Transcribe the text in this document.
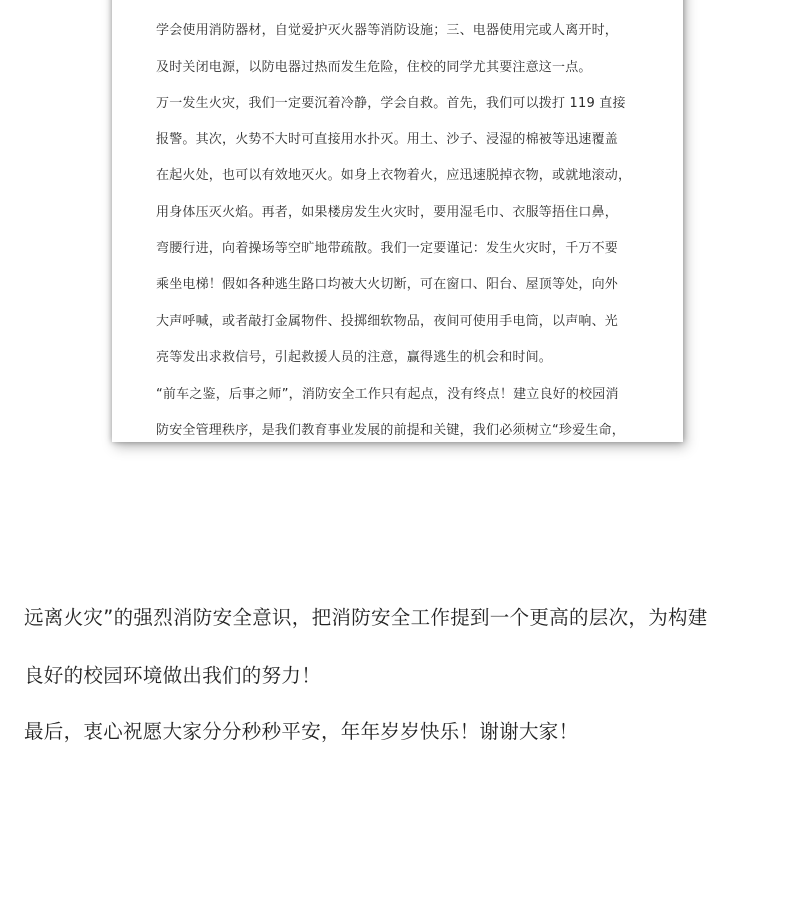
学会使用消防器材，自觉爱护灭火器等消防设施；三、电器使用完或人离开时，
及时关闭电源，以防电器过热而发生危险，住校的同学尤其要注意这一点。
万一发生火灾，我们一定要沉着冷静，学会自救。首先，我们可以拨打 119 直接
报警。其次，火势不大时可直接用水扑灭。用土、沙子、浸湿的棉被等迅速覆盖
在起火处，也可以有效地灭火。如身上衣物着火，应迅速脱掉衣物，或就地滚动，
用身体压灭火焰。再者，如果楼房发生火灾时，要用湿毛巾、衣服等捂住口鼻，
弯腰行进，向着操场等空旷地带疏散。我们一定要谨记：发生火灾时，千万不要
乘坐电梯！假如各种逃生路口均被大火切断，可在窗口、阳台、屋顶等处，向外
大声呼喊，或者敲打金属物件、投掷细软物品，夜间可使用手电筒，以声响、光
亮等发出求救信号，引起救援人员的注意，赢得逃生的机会和时间。
“前车之鉴，后事之师”，消防安全工作只有起点，没有终点！建立良好的校园消
防安全管理秩序，是我们教育事业发展的前提和关键，我们必须树立“珍爱生命，
远离火灾”的强烈消防安全意识，把消防安全工作提到一个更高的层次，为构建
良好的校园环境做出我们的努力！
最后，衷心祝愿大家分分秒秒平安，年年岁岁快乐！谢谢大家！
